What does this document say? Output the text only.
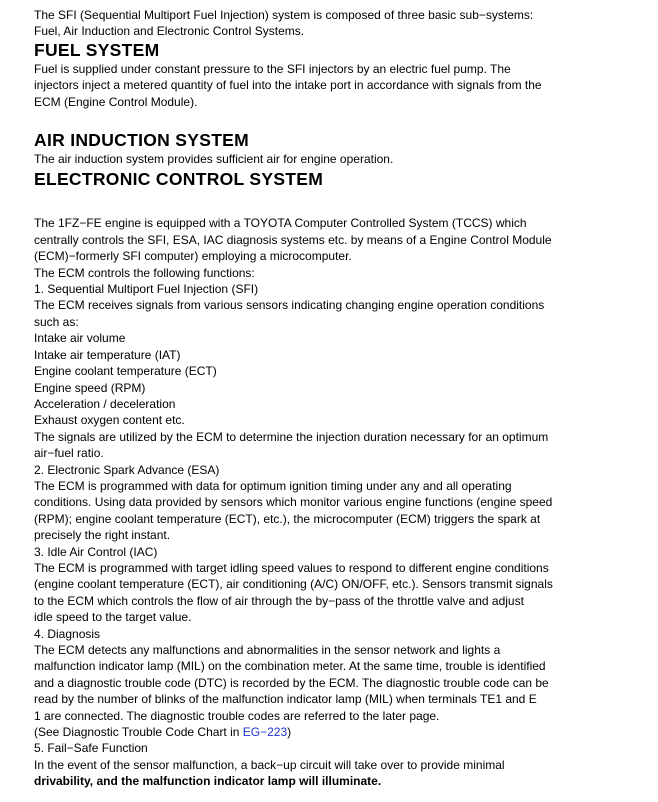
The SFI (Sequential Multiport Fuel Injection) system is composed of three basic sub−systems:

Fuel, Air Induction and Electronic Control Systems.

FUEL SYSTEM

Fuel is supplied under constant pressure to the SFI injectors by an electric fuel pump. The

injectors inject a metered quantity of fuel into the intake port in accordance with signals from the

ECM (Engine Control Module).

AIR INDUCTION SYSTEM

The air induction system provides sufficient air for engine operation.

ELECTRONIC CONTROL SYSTEM

The 1FZ−FE engine is equipped with a TOYOTA Computer Controlled System (TCCS) which

centrally controls the SFI, ESA, IAC diagnosis systems etc. by means of a Engine Control Module

(ECM)−formerly SFI computer) employing a microcomputer.

The ECM controls the following functions:

1. Sequential Multiport Fuel Injection (SFI)

The ECM receives signals from various sensors indicating changing engine operation conditions

such as:

Intake air volume

Intake air temperature (IAT)

Engine coolant temperature (ECT)

Engine speed (RPM)

Acceleration / deceleration

Exhaust oxygen content etc.

The signals are utilized by the ECM to determine the injection duration necessary for an optimum

air−fuel ratio.

2. Electronic Spark Advance (ESA)

The ECM is programmed with data for optimum ignition timing under any and all operating

conditions. Using data provided by sensors which monitor various engine functions (engine speed

(RPM); engine coolant temperature (ECT), etc.), the microcomputer (ECM) triggers the spark at

precisely the right instant.

3. Idle Air Control (IAC)

The ECM is programmed with target idling speed values to respond to different engine conditions

(engine coolant temperature (ECT), air conditioning (A/C) ON/OFF, etc.). Sensors transmit signals

to the ECM which controls the flow of air through the by−pass of the throttle valve and adjust

idle speed to the target value.

4. Diagnosis

The ECM detects any malfunctions and abnormalities in the sensor network and lights a

malfunction indicator lamp (MIL) on the combination meter. At the same time, trouble is identified

and a diagnostic trouble code (DTC) is recorded by the ECM. The diagnostic trouble code can be

read by the number of blinks of the malfunction indicator lamp (MIL) when terminals TE1 and E

1 are connected. The diagnostic trouble codes are referred to the later page.

(See Diagnostic Trouble Code Chart in EG−223)

5. Fail−Safe Function

In the event of the sensor malfunction, a back−up circuit will take over to provide minimal

drivability, and the malfunction indicator lamp will illuminate.
